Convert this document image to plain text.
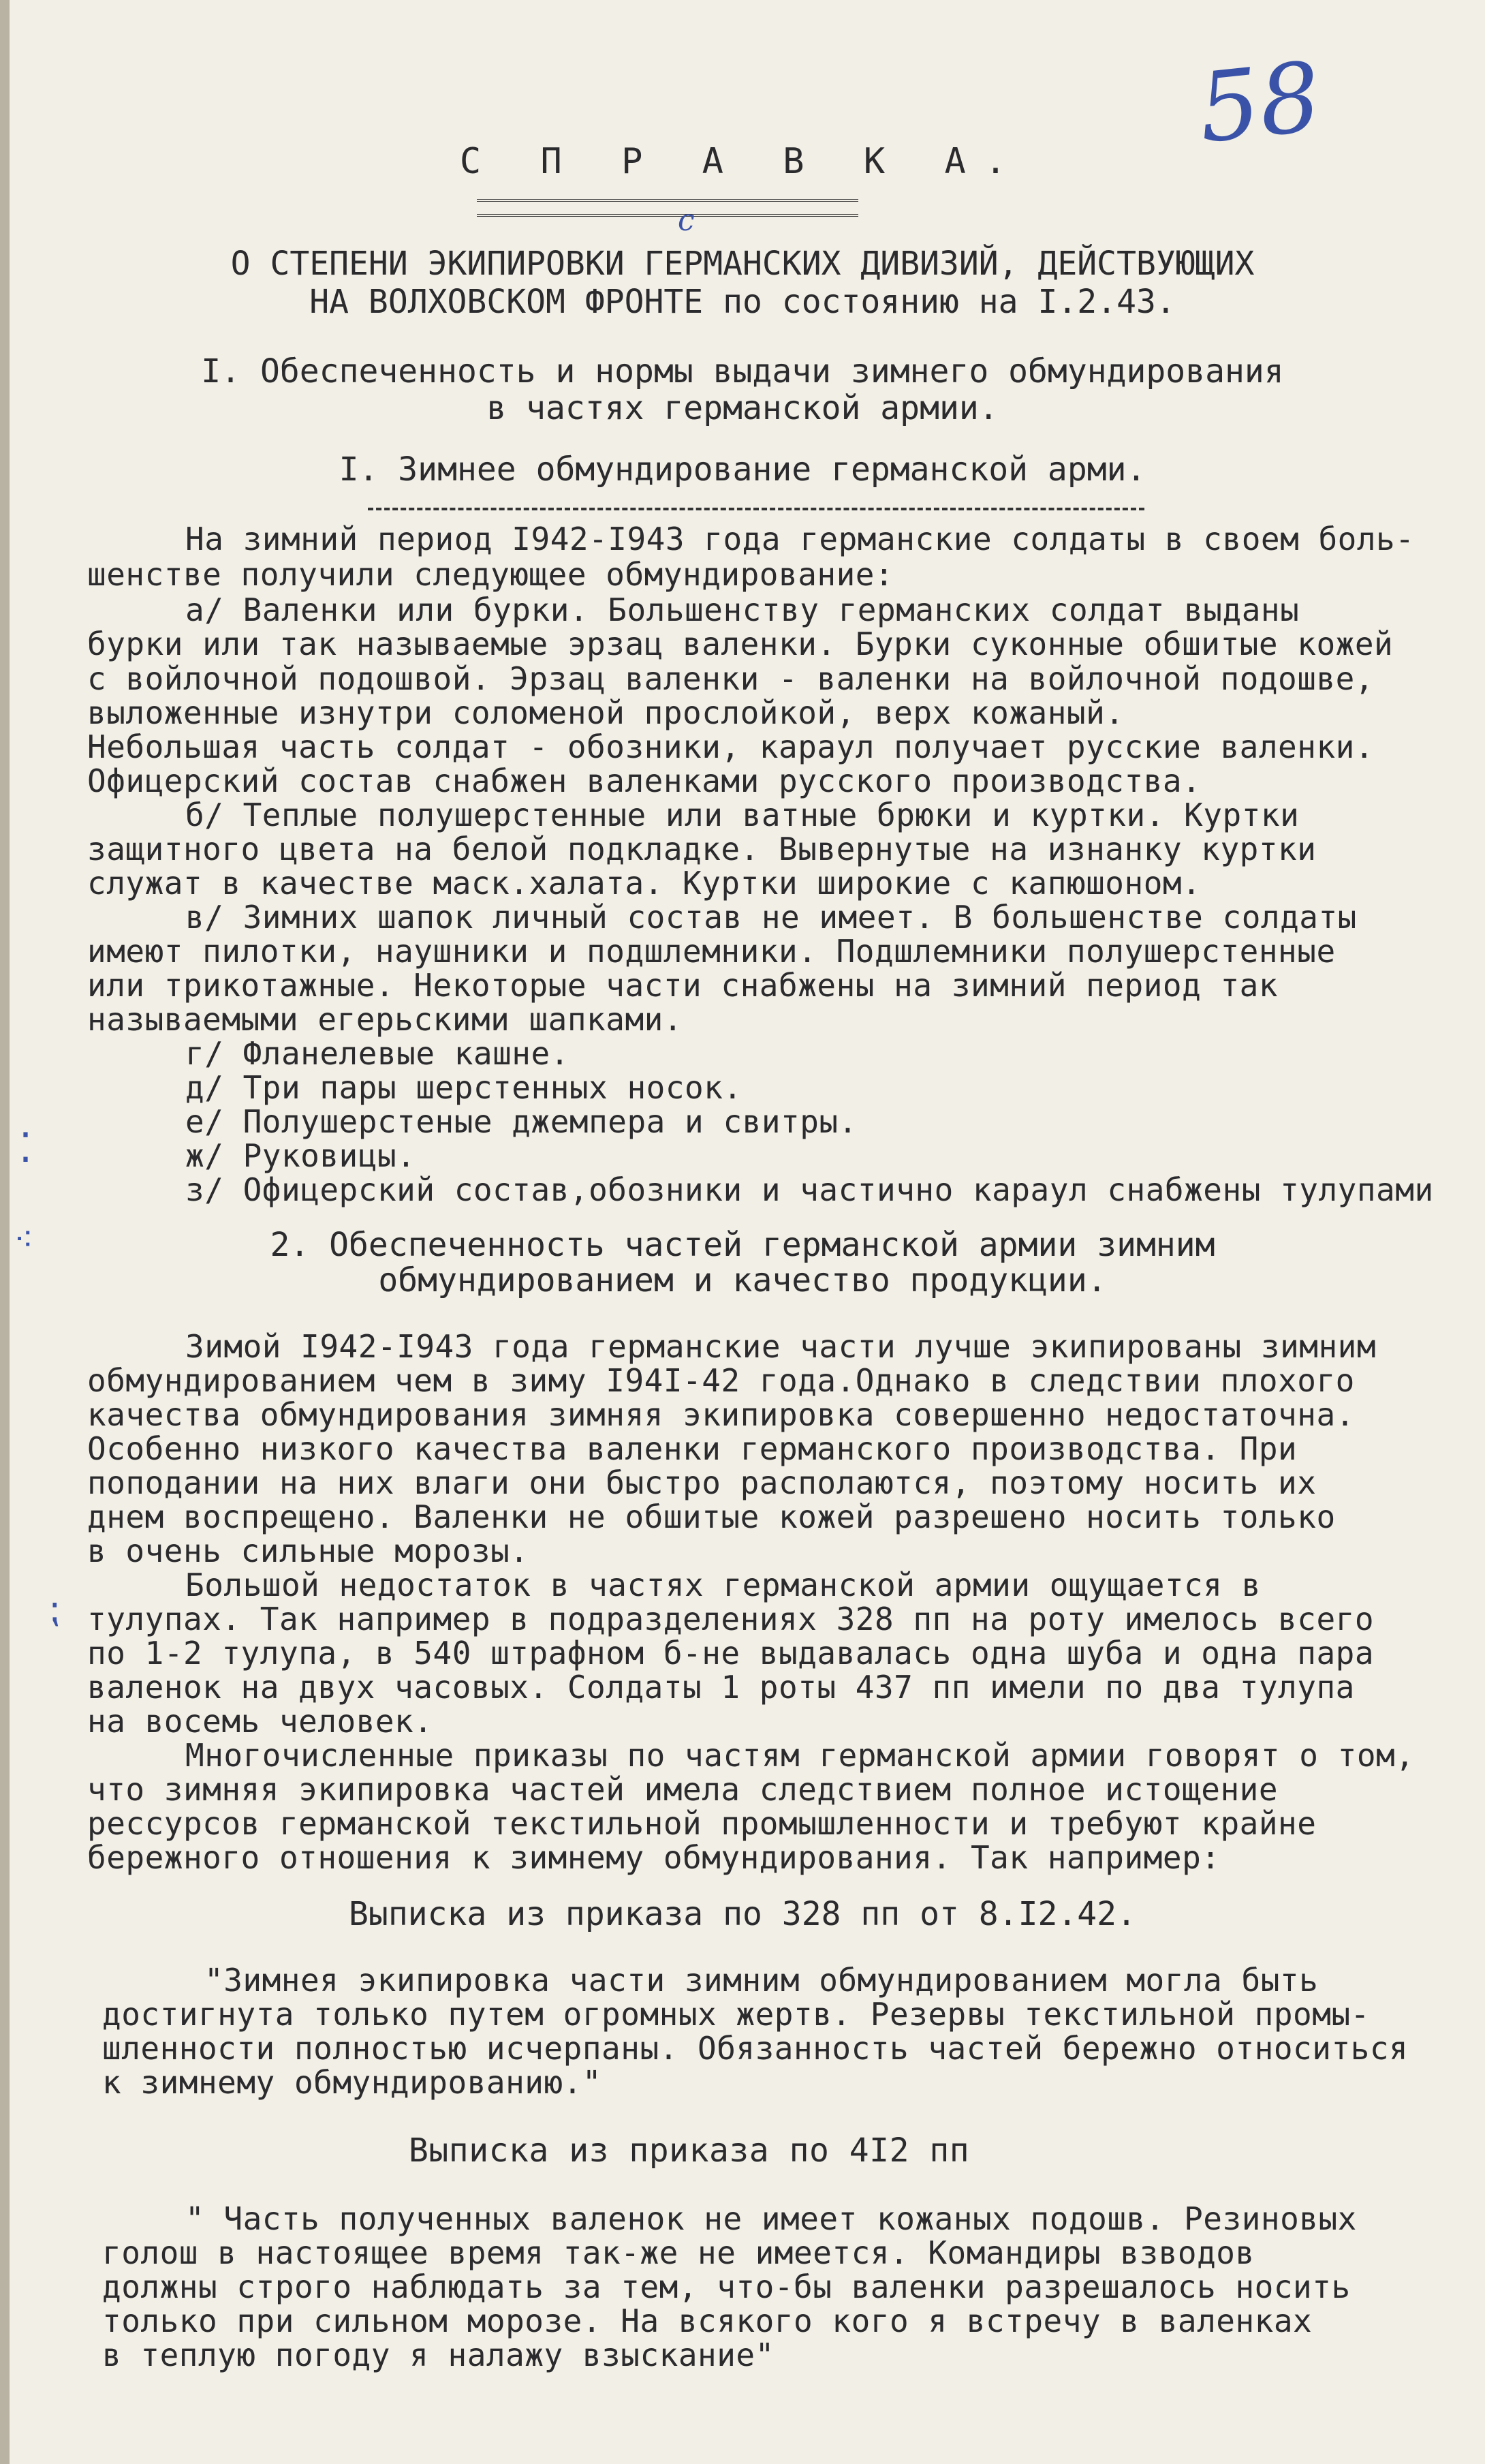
58
С П Р А В К А.
с
О СТЕПЕНИ ЭКИПИРОВКИ ГЕРМАНСКИХ ДИВИЗИЙ, ДЕЙСТВУЮЩИХ
НА ВОЛХОВСКОМ ФРОНТЕ по состоянию на I.2.43.
I. Обеспеченность и нормы выдачи зимнего обмундирования
в частях германской армии.
I. Зимнее обмундирование германской арми.
На зимний период I942-I943 года германские солдаты в своем боль-
шенстве получили следующее обмундирование:
а/ Валенки или бурки. Большенству германских солдат выданы
бурки или так называемые эрзац валенки. Бурки суконные обшитые кожей
с войлочной подошвой. Эрзац валенки - валенки на войлочной подошве,
выложенные изнутри соломеной прослойкой, верх кожаный.
Небольшая часть солдат - обозники, караул получает русские валенки.
Офицерский состав снабжен валенками русского производства.
б/ Теплые полушерстенные или ватные брюки и куртки. Куртки
защитного цвета на белой подкладке. Вывернутые на изнанку куртки
служат в качестве маск.халата. Куртки широкие с капюшоном.
в/ Зимних шапок личный состав не имеет. В большенстве солдаты
имеют пилотки, наушники и подшлемники. Подшлемники полушерстенные
или трикотажные. Некоторые части снабжены на зимний период так
называемыми егерьскими шапками.
г/ Фланелевые кашне.
д/ Три пары шерстенных носок.
е/ Полушерстеные джемпера и свитры.
ж/ Руковицы.
з/ Офицерский состав,обозники и частично караул снабжены тулупами
⁚
⁖	2. Обеспеченность частей германской армии зимним
обмундированием и качество продукции.
Зимой I942-I943 года германские части лучше экипированы зимним
обмундированием чем в зиму I94I-42 года.Однако в следствии плохого
качества обмундирования зимняя экипировка совершенно недостаточна.
Особенно низкого качества валенки германского производства. При
поподании на них влаги они быстро располаются, поэтому носить их
днем воспрещено. Валенки не обшитые кожей разрешено носить только
в очень сильные морозы.
Большой недостаток в частях германской армии ощущается в
тулупах. Так например в подразделениях 328 пп на роту имелось всего
по 1-2 тулупа, в 540 штрафном б-не выдавалась одна шуба и одна пара
валенок на двух часовых. Солдаты 1 роты 437 пп имели по два тулупа
на восемь человек.
Многочисленные приказы по частям германской армии говорят о том,
что зимняя экипировка частей имела следствием полное истощение
рессурсов германской текстильной промышленности и требуют крайне
бережного отношения к зимнему обмундирования. Так например:
⁏
Выписка из приказа по 328 пп от 8.I2.42.
"Зимнея экипировка части зимним обмундированием могла быть
достигнута только путем огромных жертв. Резервы текстильной промы-
шленности полностью исчерпаны. Обязанность частей бережно относиться
к зимнему обмундированию."
Выписка из приказа по 4I2 пп
" Часть полученных валенок не имеет кожаных подошв. Резиновых
голош в настоящее время так-же не имеется. Командиры взводов
должны строго наблюдать за тем, что-бы валенки разрешалось носить
только при сильном морозе. На всякого кого я встречу в валенках
в теплую погоду я налажу взыскание"
